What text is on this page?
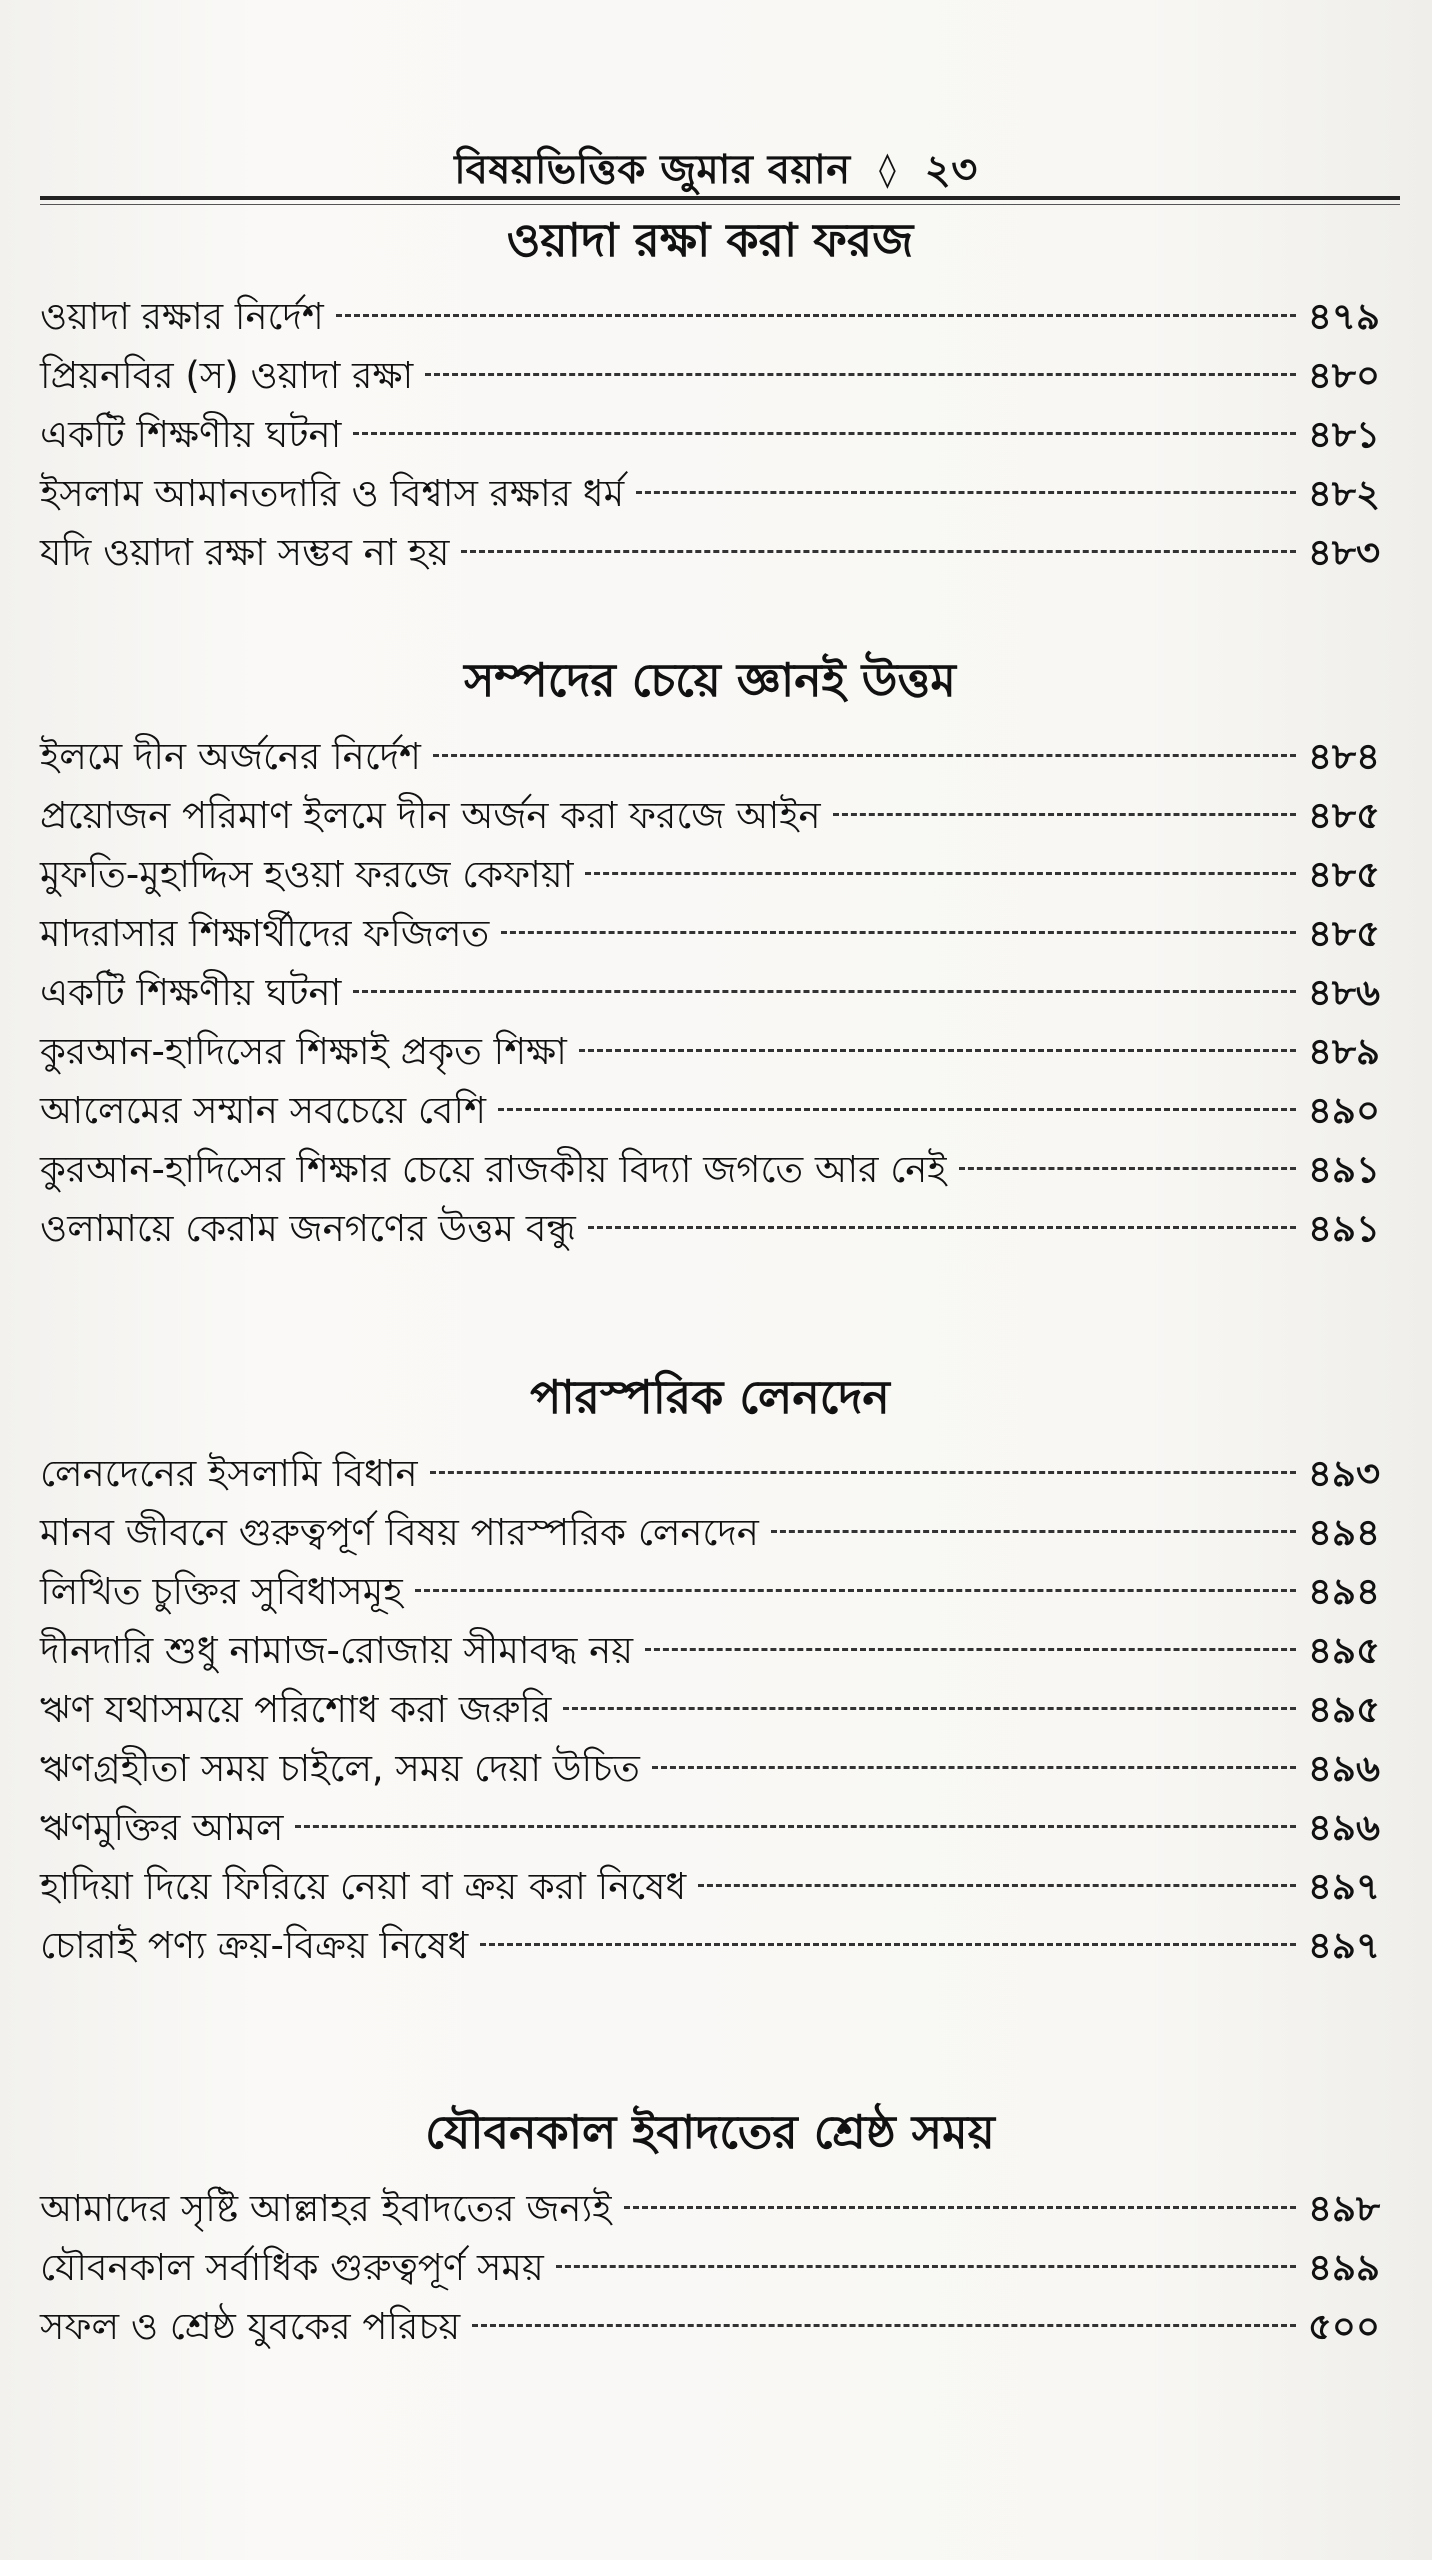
বিষয়ভিত্তিক জুমার বয়ান ◊ ২৩
ওয়াদা রক্ষা করা ফরজ
ওয়াদা রক্ষার নির্দেশ	৪৭৯
প্রিয়নবির (স) ওয়াদা রক্ষা	৪৮০
একটি শিক্ষণীয় ঘটনা	৪৮১
ইসলাম আমানতদারি ও বিশ্বাস রক্ষার ধর্ম	৪৮২
যদি ওয়াদা রক্ষা সম্ভব না হয়	৪৮৩
সম্পদের চেয়ে জ্ঞানই উত্তম
ইলমে দীন অর্জনের নির্দেশ	৪৮৪
প্রয়োজন পরিমাণ ইলমে দীন অর্জন করা ফরজে আইন	৪৮৫
মুফতি-মুহাদ্দিস হওয়া ফরজে কেফায়া	৪৮৫
মাদরাসার শিক্ষার্থীদের ফজিলত	৪৮৫
একটি শিক্ষণীয় ঘটনা	৪৮৬
কুরআন-হাদিসের শিক্ষাই প্রকৃত শিক্ষা	৪৮৯
আলেমের সম্মান সবচেয়ে বেশি	৪৯০
কুরআন-হাদিসের শিক্ষার চেয়ে রাজকীয় বিদ্যা জগতে আর নেই	৪৯১
ওলামায়ে কেরাম জনগণের উত্তম বন্ধু	৪৯১
পারস্পরিক লেনদেন
লেনদেনের ইসলামি বিধান	৪৯৩
মানব জীবনে গুরুত্বপূর্ণ বিষয় পারস্পরিক লেনদেন	৪৯৪
লিখিত চুক্তির সুবিধাসমূহ	৪৯৪
দীনদারি শুধু নামাজ-রোজায় সীমাবদ্ধ নয়	৪৯৫
ঋণ যথাসময়ে পরিশোধ করা জরুরি	৪৯৫
ঋণগ্রহীতা সময় চাইলে, সময় দেয়া উচিত	৪৯৬
ঋণমুক্তির আমল	৪৯৬
হাদিয়া দিয়ে ফিরিয়ে নেয়া বা ক্রয় করা নিষেধ	৪৯৭
চোরাই পণ্য ক্রয়-বিক্রয় নিষেধ	৪৯৭
যৌবনকাল ইবাদতের শ্রেষ্ঠ সময়
আমাদের সৃষ্টি আল্লাহর ইবাদতের জন্যই	৪৯৮
যৌবনকাল সর্বাধিক গুরুত্বপূর্ণ সময়	৪৯৯
সফল ও শ্রেষ্ঠ যুবকের পরিচয়	৫০০
